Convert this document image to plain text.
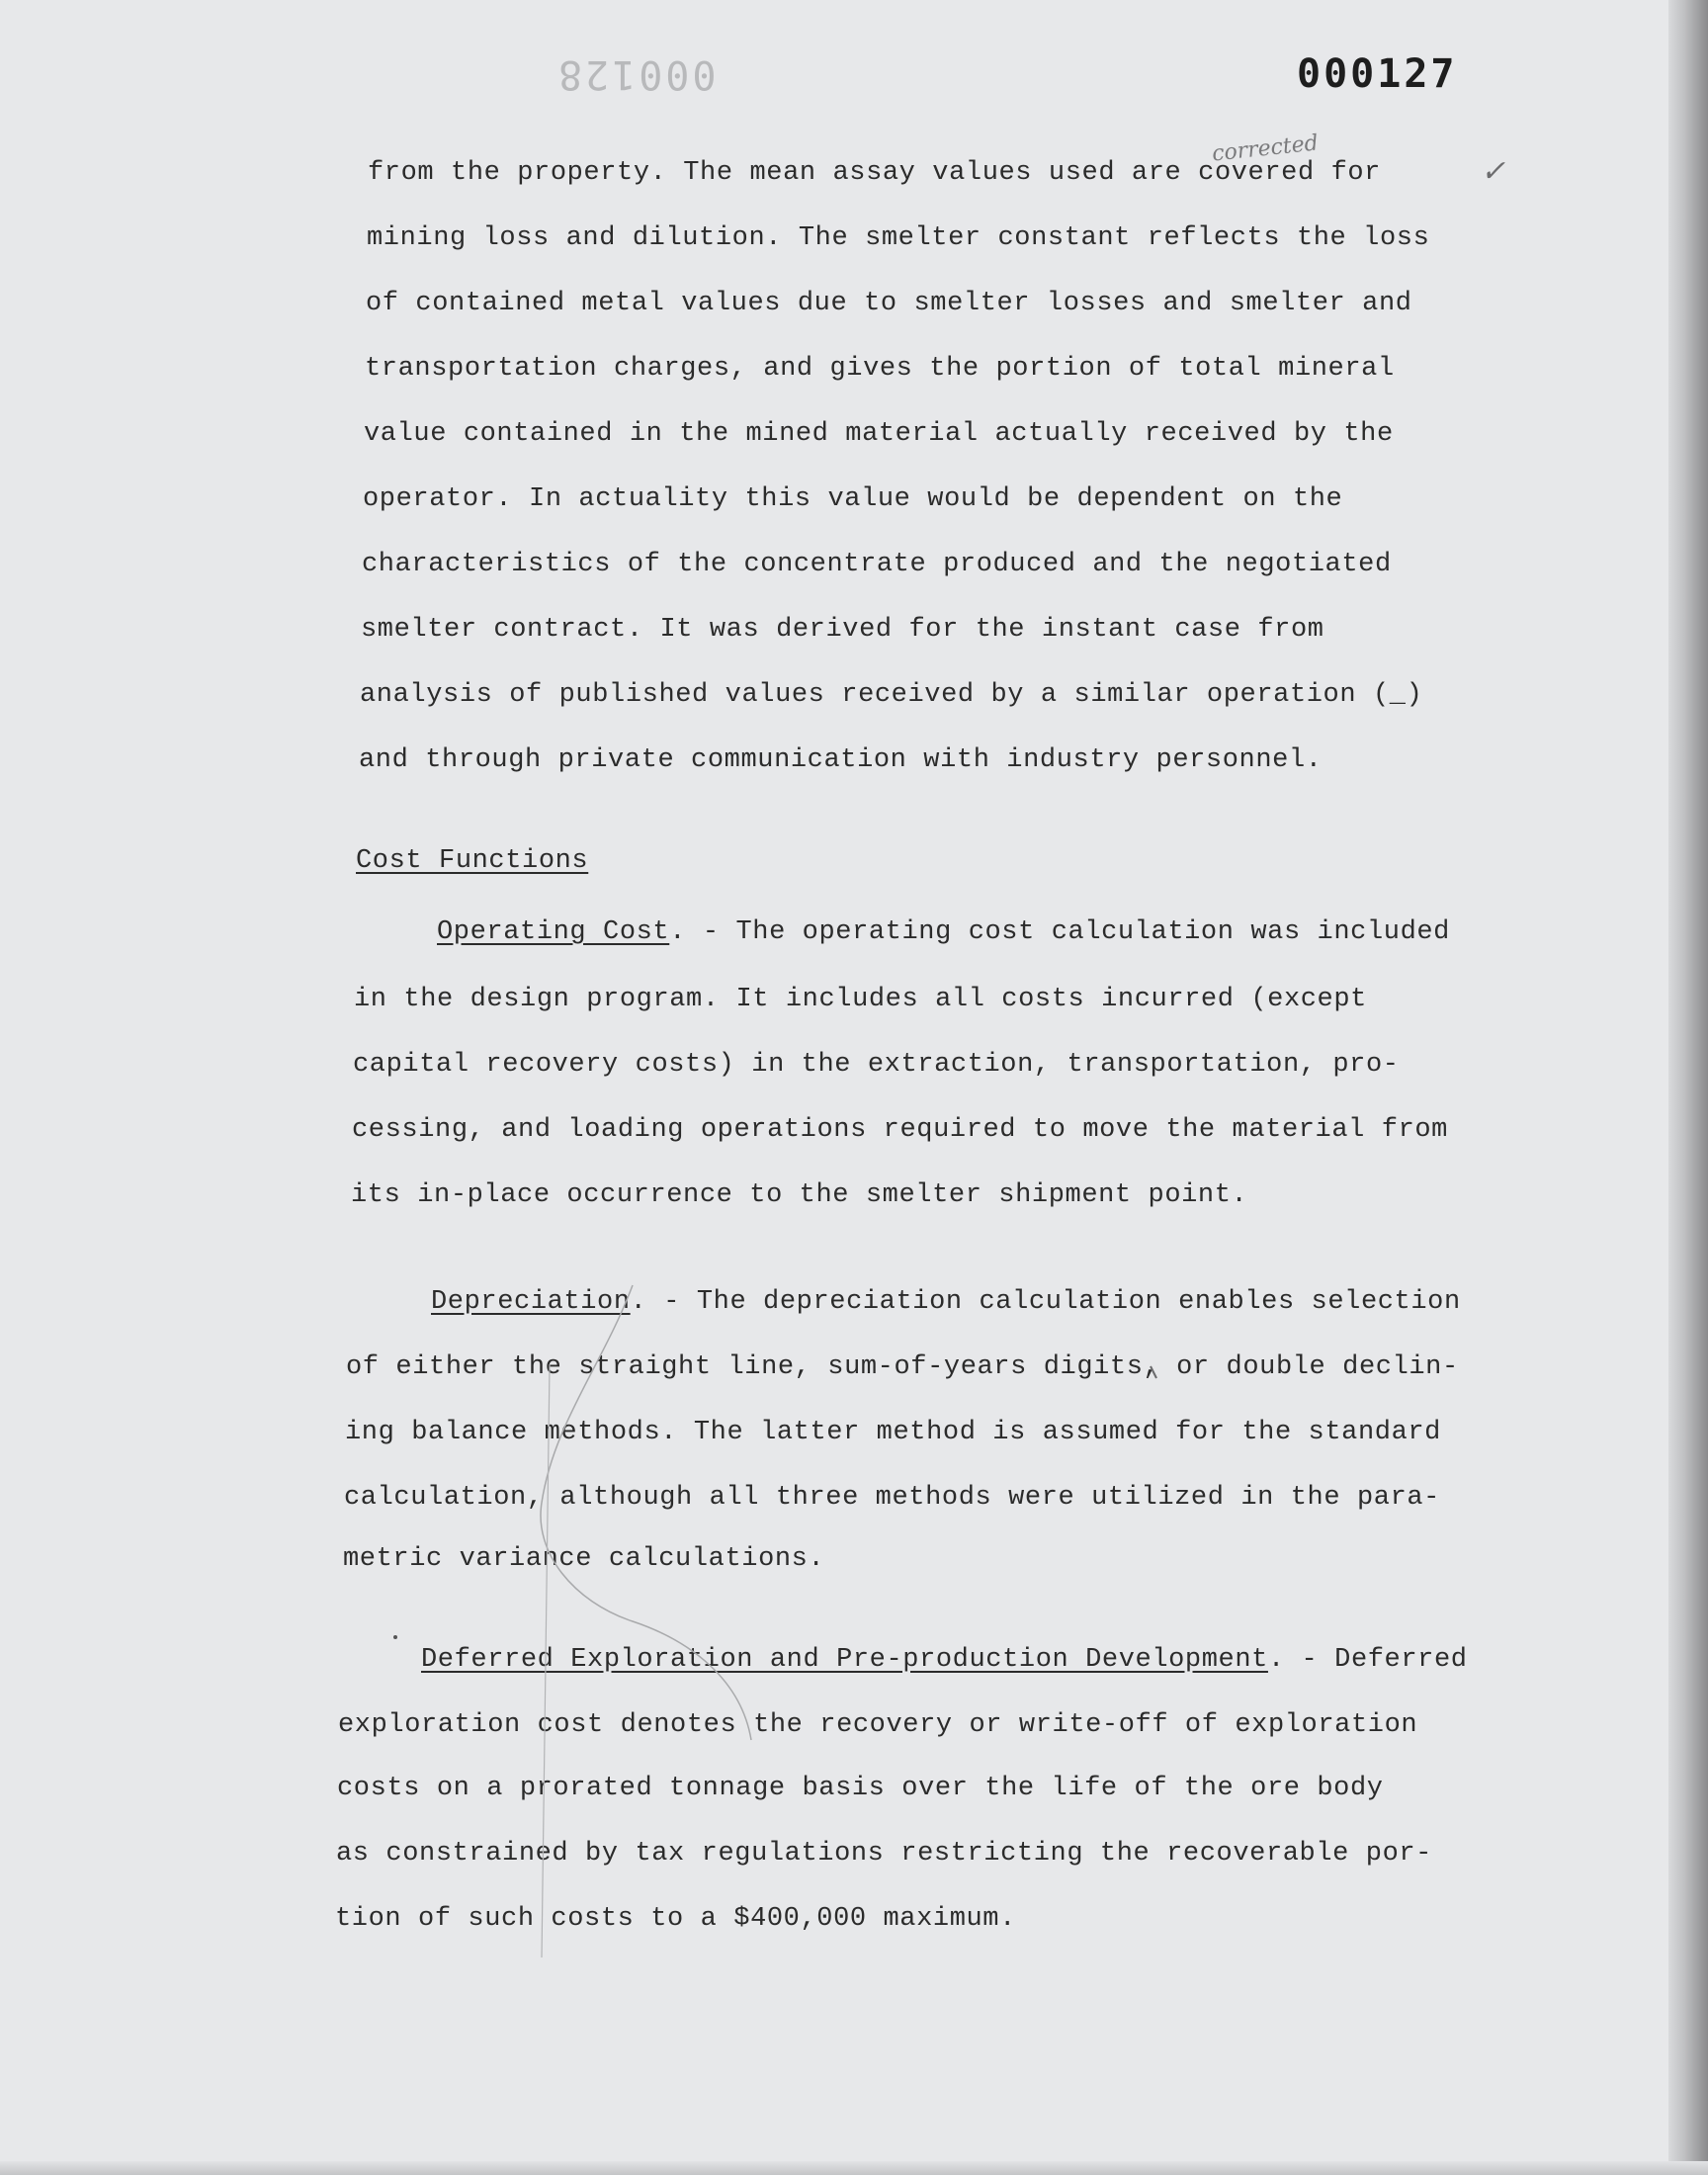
000128	000127
corrected
✓
from the property. The mean assay values used are covered for
mining loss and dilution. The smelter constant reflects the loss
of contained metal values due to smelter losses and smelter and
transportation charges, and gives the portion of total mineral
value contained in the mined material actually received by the
operator. In actuality this value would be dependent on the
characteristics of the concentrate produced and the negotiated
smelter contract. It was derived for the instant case from
analysis of published values received by a similar operation (_)
and through private communication with industry personnel.
Cost Functions
Operating Cost. - The operating cost calculation was included
in the design program. It includes all costs incurred (except
capital recovery costs) in the extraction, transportation, pro-
cessing, and loading operations required to move the material from
its in-place occurrence to the smelter shipment point.
Depreciation. - The depreciation calculation enables selection
of either the straight line, sum-of-years digits, or double declin-
ing balance methods. The latter method is assumed for the standard
calculation, although all three methods were utilized in the para-
metric variance calculations.
Deferred Exploration and Pre-production Development. - Deferred
exploration cost denotes the recovery or write-off of exploration
costs on a prorated tonnage basis over the life of the ore body
as constrained by tax regulations restricting the recoverable por-
tion of such costs to a $400,000 maximum.
